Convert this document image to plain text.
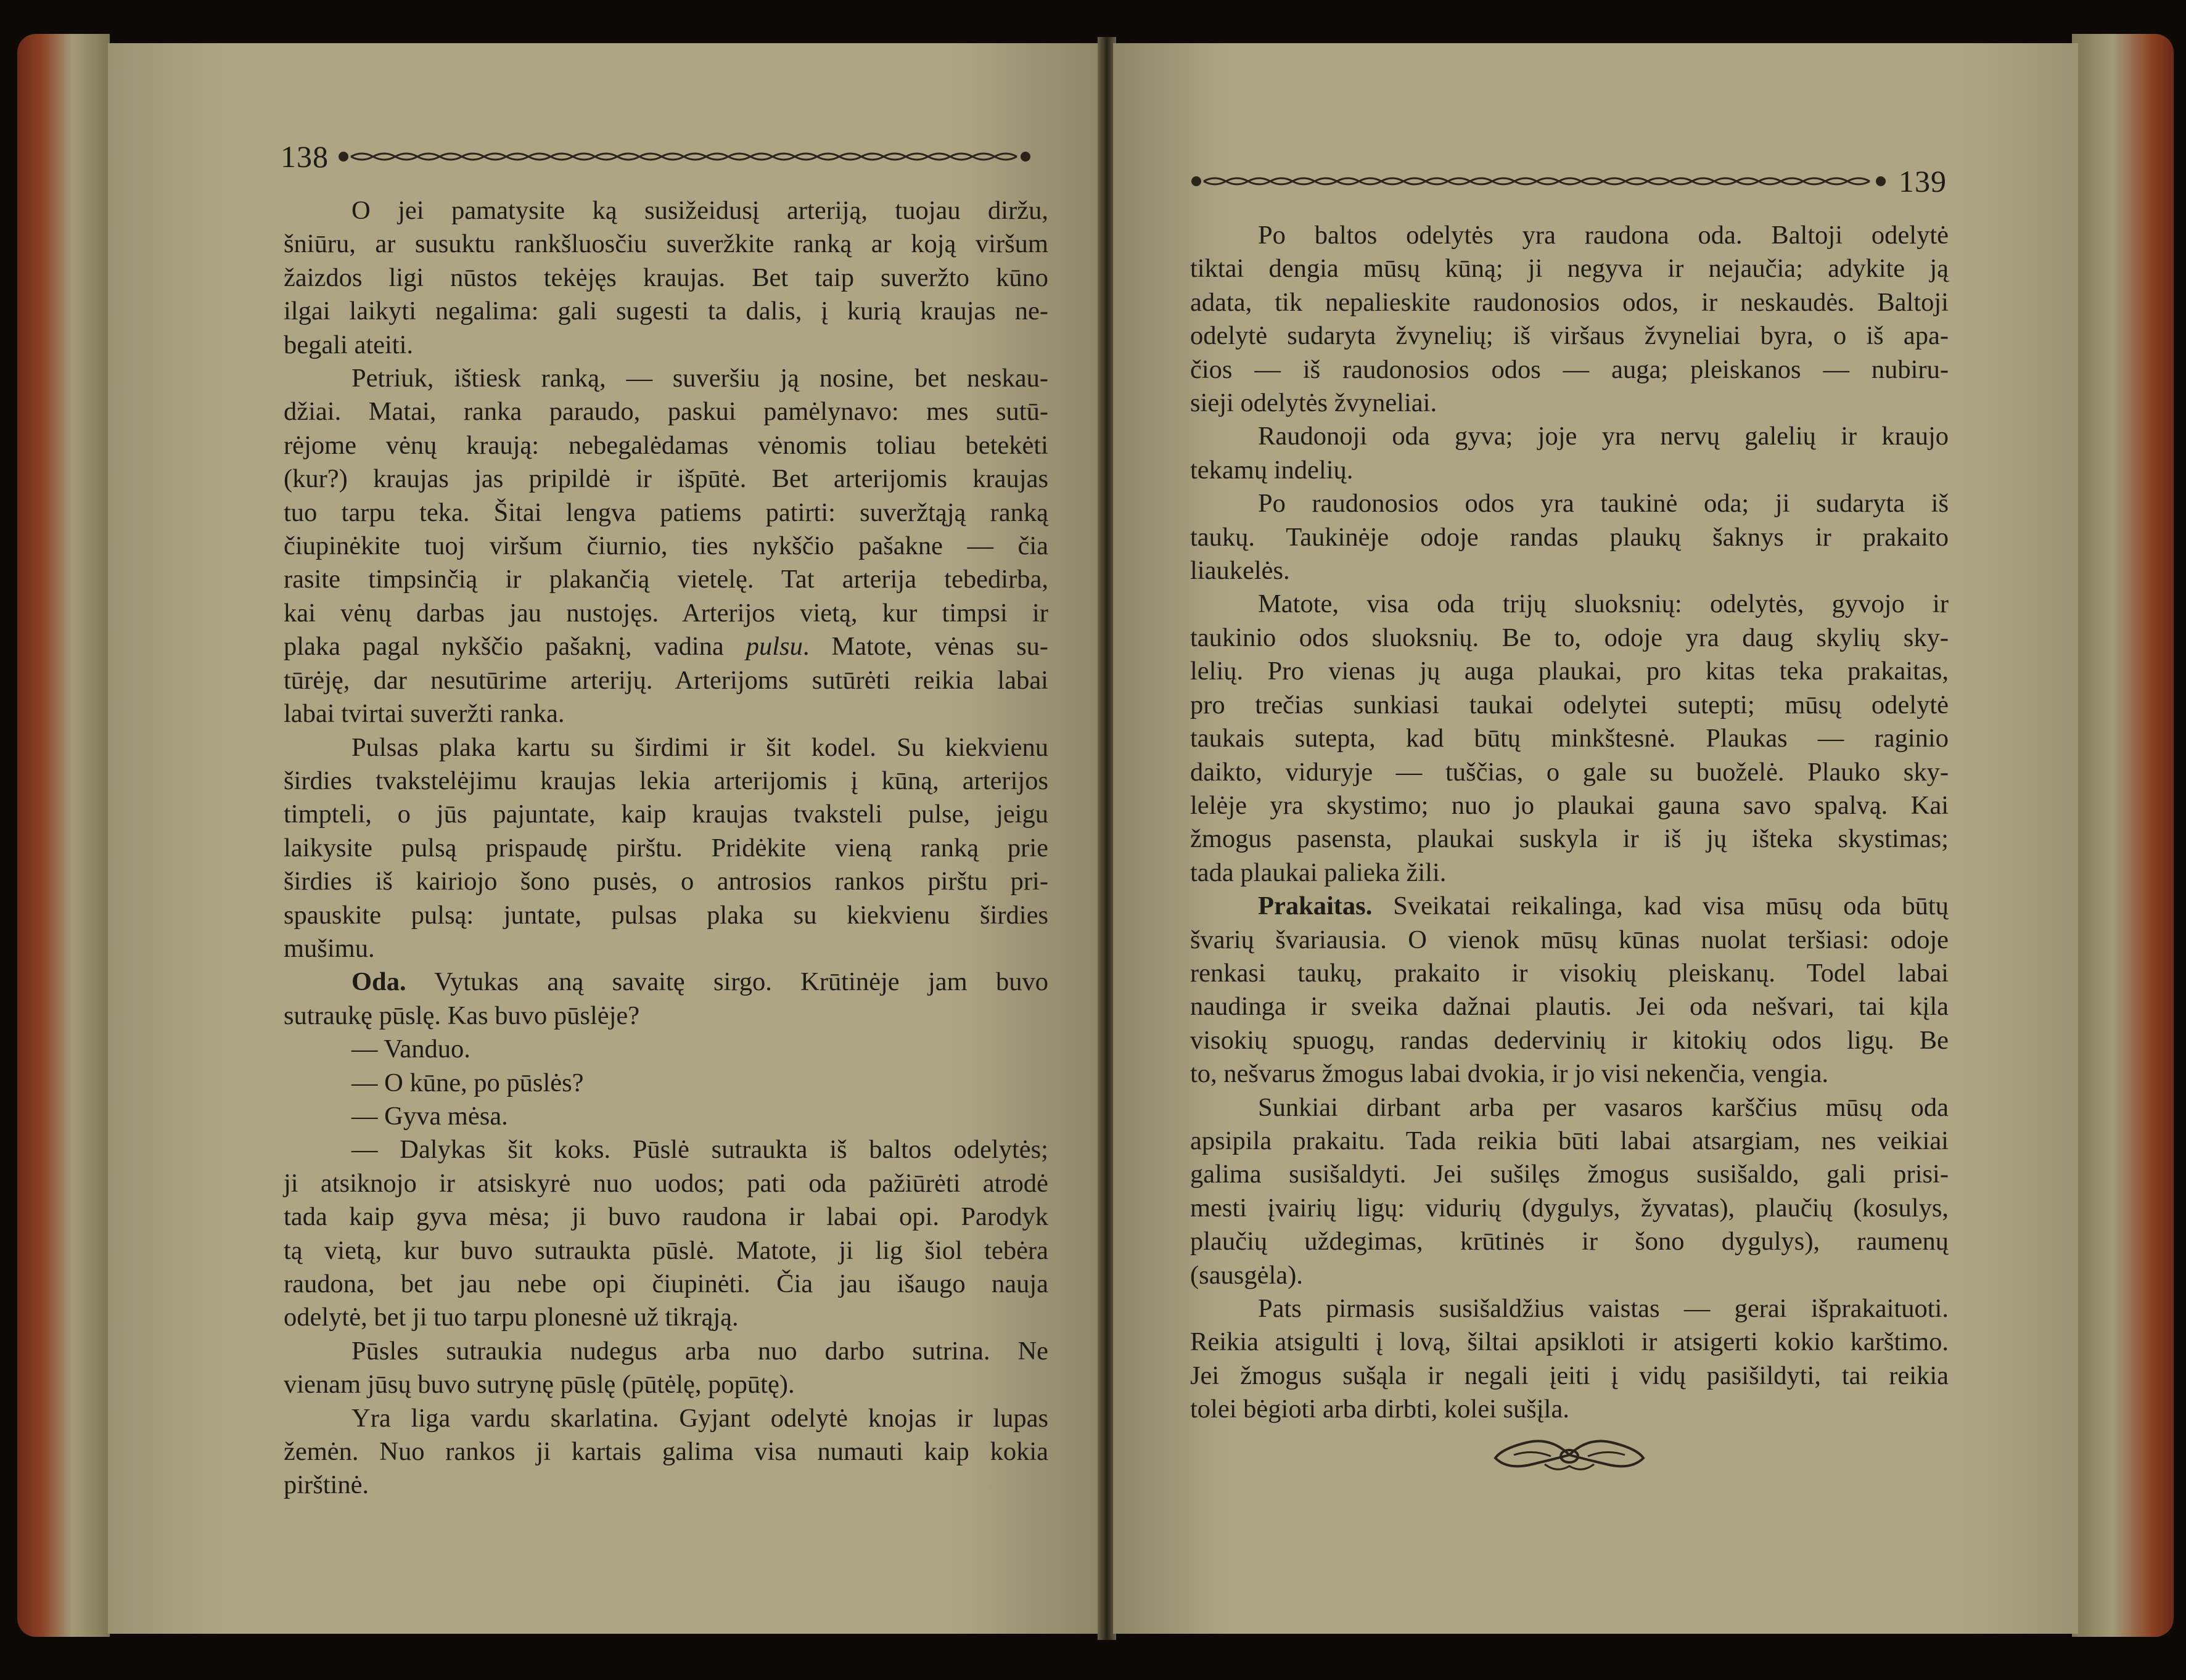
138
O jei pamatysite ką susižeidusį arteriją, tuojau diržu,
šniūru, ar susuktu rankšluosčiu suveržkite ranką ar koją viršum
žaizdos ligi nūstos tekėjęs kraujas. Bet taip suveržto kūno
ilgai laikyti negalima: gali sugesti ta dalis, į kurią kraujas ne-
begali ateiti.
Petriuk, ištiesk ranką, — suveršiu ją nosine, bet neskau-
džiai. Matai, ranka paraudo, paskui pamėlynavo: mes sutū-
rėjome vėnų kraują: nebegalėdamas vėnomis toliau betekėti
(kur?) kraujas jas pripildė ir išpūtė. Bet arterijomis kraujas
tuo tarpu teka. Šitai lengva patiems patirti: suveržtąją ranką
čiupinėkite tuoj viršum čiurnio, ties nykščio pašakne — čia
rasite timpsinčią ir plakančią vietelę. Tat arterija tebedirba,
kai vėnų darbas jau nustojęs. Arterijos vietą, kur timpsi ir
plaka pagal nykščio pašaknį, vadina pulsu. Matote, vėnas su-
tūrėję, dar nesutūrime arterijų. Arterijoms sutūrėti reikia labai
labai tvirtai suveržti ranka.
Pulsas plaka kartu su širdimi ir šit kodel. Su kiekvienu
širdies tvakstelėjimu kraujas lekia arterijomis į kūną, arterijos
timpteli, o jūs pajuntate, kaip kraujas tvaksteli pulse, jeigu
laikysite pulsą prispaudę pirštu. Pridėkite vieną ranką prie
širdies iš kairiojo šono pusės, o antrosios rankos pirštu pri-
spauskite pulsą: juntate, pulsas plaka su kiekvienu širdies
mušimu.
Oda. Vytukas aną savaitę sirgo. Krūtinėje jam buvo
sutraukę pūslę. Kas buvo pūslėje?
— Vanduo.
— O kūne, po pūslės?
— Gyva mėsa.
— Dalykas šit koks. Pūslė sutraukta iš baltos odelytės;
ji atsiknojo ir atsiskyrė nuo uodos; pati oda pažiūrėti atrodė
tada kaip gyva mėsa; ji buvo raudona ir labai opi. Parodyk
tą vietą, kur buvo sutraukta pūslė. Matote, ji lig šiol tebėra
raudona, bet jau nebe opi čiupinėti. Čia jau išaugo nauja
odelytė, bet ji tuo tarpu plonesnė už tikrąją.
Pūsles sutraukia nudegus arba nuo darbo sutrina. Ne
vienam jūsų buvo sutrynę pūslę (pūtėlę, popūtę).
Yra liga vardu skarlatina. Gyjant odelytė knojas ir lupas
žemėn. Nuo rankos ji kartais galima visa numauti kaip kokia
pirštinė.
139
Po baltos odelytės yra raudona oda. Baltoji odelytė
tiktai dengia mūsų kūną; ji negyva ir nejaučia; adykite ją
adata, tik nepalieskite raudonosios odos, ir neskaudės. Baltoji
odelytė sudaryta žvynelių; iš viršaus žvyneliai byra, o iš apa-
čios — iš raudonosios odos — auga; pleiskanos — nubiru-
sieji odelytės žvyneliai.
Raudonoji oda gyva; joje yra nervų galelių ir kraujo
tekamų indelių.
Po raudonosios odos yra taukinė oda; ji sudaryta iš
taukų. Taukinėje odoje randas plaukų šaknys ir prakaito
liaukelės.
Matote, visa oda trijų sluoksnių: odelytės, gyvojo ir
taukinio odos sluoksnių. Be to, odoje yra daug skylių sky-
lelių. Pro vienas jų auga plaukai, pro kitas teka prakaitas,
pro trečias sunkiasi taukai odelytei sutepti; mūsų odelytė
taukais sutepta, kad būtų minkštesnė. Plaukas — raginio
daikto, viduryje — tuščias, o gale su buoželė. Plauko sky-
lelėje yra skystimo; nuo jo plaukai gauna savo spalvą. Kai
žmogus pasensta, plaukai suskyla ir iš jų išteka skystimas;
tada plaukai palieka žili.
Prakaitas. Sveikatai reikalinga, kad visa mūsų oda būtų
švarių švariausia. O vienok mūsų kūnas nuolat teršiasi: odoje
renkasi taukų, prakaito ir visokių pleiskanų. Todel labai
naudinga ir sveika dažnai plautis. Jei oda nešvari, tai kįla
visokių spuogų, randas dedervinių ir kitokių odos ligų. Be
to, nešvarus žmogus labai dvokia, ir jo visi nekenčia, vengia.
Sunkiai dirbant arba per vasaros karščius mūsų oda
apsipila prakaitu. Tada reikia būti labai atsargiam, nes veikiai
galima susišaldyti. Jei sušilęs žmogus susišaldo, gali prisi-
mesti įvairių ligų: vidurių (dygulys, žyvatas), plaučių (kosulys,
plaučių uždegimas, krūtinės ir šono dygulys), raumenų
(sausgėla).
Pats pirmasis susišaldžius vaistas — gerai išprakaituoti.
Reikia atsigulti į lovą, šiltai apsikloti ir atsigerti kokio karštimo.
Jei žmogus sušąla ir negali įeiti į vidų pasišildyti, tai reikia
tolei bėgioti arba dirbti, kolei sušįla.
